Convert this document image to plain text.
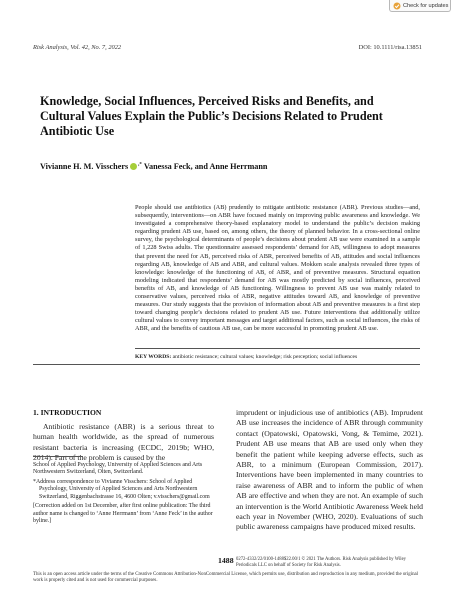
Check for updates
Risk Analysis, Vol. 42, No. 7, 2022	DOI: 10.1111/risa.13851
Knowledge, Social Influences, Perceived Risks and Benefits, and Cultural Values Explain the Public’s Decisions Related to Prudent Antibiotic Use
Vivianne H. M. Visschers ,* Vanessa Feck, and Anne Herrmann

People should use antibiotics (AB) prudently to mitigate antibiotic resistance (ABR). Previous studies—and, subsequently, interventions—on ABR have focused mainly on improving public awareness and knowledge. We investigated a comprehensive theory-based explanatory model to understand the public’s decision making regarding prudent AB use, based on, among others, the theory of planned behavior. In a cross-sectional online survey, the psychological determinants of people’s decisions about prudent AB use were examined in a sample of 1,228 Swiss adults. The questionnaire assessed respondents’ demand for AB, willingness to adopt measures that prevent the need for AB, perceived risks of ABR, perceived benefits of AB, attitudes and social influences regarding AB, knowledge of AB and ABR, and cultural values. Mokken scale analysis revealed three types of knowledge: knowledge of the functioning of AB, of ABR, and of preventive measures. Structural equation modeling indicated that respondents’ demand for AB was mostly predicted by social influences, perceived benefits of AB, and knowledge of AB functioning. Willingness to prevent AB use was mainly related to conservative values, perceived risks of ABR, negative attitudes toward AB, and knowledge of preventive measures. Our study suggests that the provision of information about AB and preventive measures is a first step toward changing people’s decisions related to prudent AB use. Future interventions that additionally utilize cultural values to convey important messages and target additional factors, such as social influences, the risks of ABR, and the benefits of cautious AB use, can be more successful in promoting prudent AB use.

KEY WORDS: antibiotic resistance; cultural values; knowledge; risk perception; social influences

1. INTRODUCTION

Antibiotic resistance (ABR) is a serious threat to human health worldwide, as the spread of numerous resistant bacteria is increasing (ECDC, 2019b; WHO, 2014). Part of the problem is caused by the

imprudent or injudicious use of antibiotics (AB). Imprudent AB use increases the incidence of ABR through community contact (Opatowski, Opatowski, Vong, & Temime, 2021). Prudent AB use means that AB are used only when they benefit the patient while keeping adverse effects, such as ABR, to a minimum (European Commission, 2017). Interventions have been implemented in many countries to raise awareness of ABR and to inform the public of when AB are effective and when they are not. An example of such an intervention is the World Antibiotic Awareness Week held each year in November (WHO, 2020). Evaluations of such public awareness campaigns have produced mixed results.

School of Applied Psychology, University of Applied Sciences and Arts Northwestern Switzerland, Olten, Switzerland.

*Address correspondence to Vivianne Visschers: School of Applied Psychology, University of Applied Sciences and Arts Northwestern Switzerland, Riggenbachstrasse 16, 4600 Olten; v.visschers@gmail.com

[Correction added on 1st December, after first online publication: The third author name is changed to ‘Anne Herrmann’ from ‘Anne Feck’ in the author byline.]

1488 0272-4332/22/0100-1488$22.00/1 © 2021 The Authors. Risk Analysis published by Wiley Periodicals LLC on behalf of Society for Risk Analysis.

This is an open access article under the terms of the Creative Commons Attribution-NonCommercial License, which permits use, distribution and reproduction in any medium, provided the original work is properly cited and is not used for commercial purposes.
